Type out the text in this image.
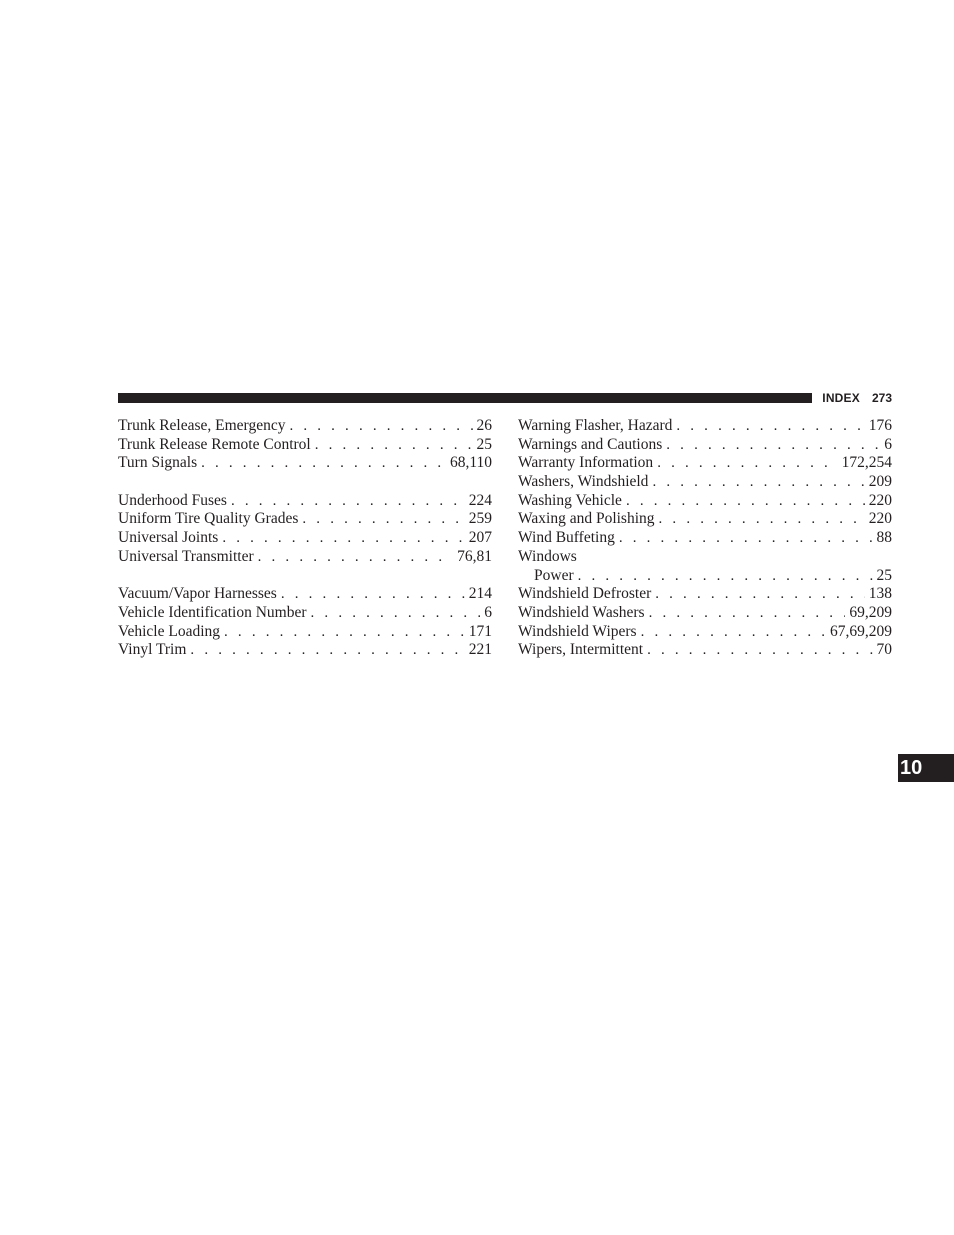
INDEX 273
Trunk Release, Emergency . . .	26
Trunk Release Remote Control . . .	25
Turn Signals . . .	68,110
Underhood Fuses . . .	224
Uniform Tire Quality Grades . . .	259
Universal Joints . . .	207
Universal Transmitter . . .	76,81
Vacuum/Vapor Harnesses . . .	214
Vehicle Identification Number . . .	6
Vehicle Loading . . .	171
Vinyl Trim . . .	221
Warning Flasher, Hazard . . .	176
Warnings and Cautions . . .	6
Warranty Information . . .	172,254
Washers, Windshield . . .	209
Washing Vehicle . . .	220
Waxing and Polishing . . .	220
Wind Buffeting . . .	88
Windows
Power . . .	25
Windshield Defroster . . .	138
Windshield Washers . . .	69,209
Windshield Wipers . . .	67,69,209
Wipers, Intermittent . . .	70
10
